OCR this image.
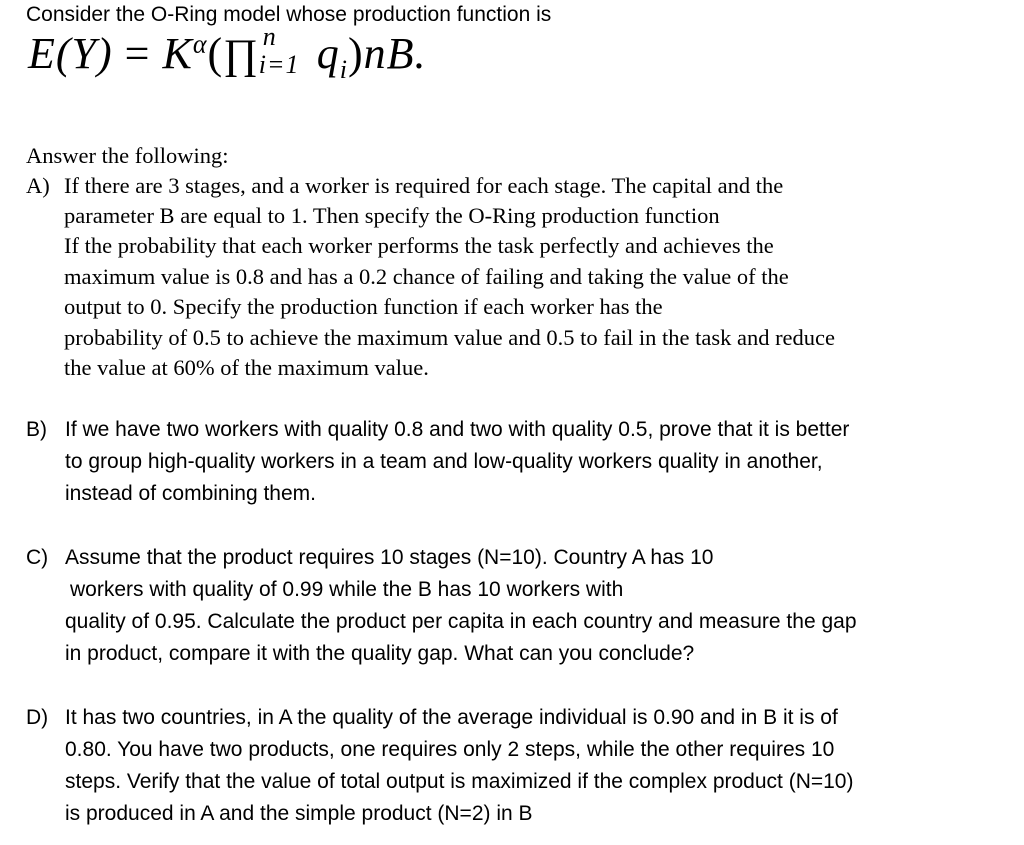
Consider the O-Ring model whose production function is
$E(Y) = K^\alpha(\prod$ n
i=1 $q_i)nB$.
Answer the following:
A) If there are 3 stages, and a worker is required for each stage. The capital and the
parameter B are equal to 1. Then specify the O-Ring production function
If the probability that each worker performs the task perfectly and achieves the
maximum value is 0.8 and has a 0.2 chance of failing and taking the value of the
output to 0. Specify the production function if each worker has the
probability of 0.5 to achieve the maximum value and 0.5 to fail in the task and reduce
the value at 60% of the maximum value.
B) If we have two workers with quality 0.8 and two with quality 0.5, prove that it is better
to group high-quality workers in a team and low-quality workers quality in another,
instead of combining them.
C) Assume that the product requires 10 stages (N=10). Country A has 10
workers with quality of 0.99 while the B has 10 workers with
quality of 0.95. Calculate the product per capita in each country and measure the gap
in product, compare it with the quality gap. What can you conclude?
D) It has two countries, in A the quality of the average individual is 0.90 and in B it is of
0.80. You have two products, one requires only 2 steps, while the other requires 10
steps. Verify that the value of total output is maximized if the complex product (N=10)
is produced in A and the simple product (N=2) in B
